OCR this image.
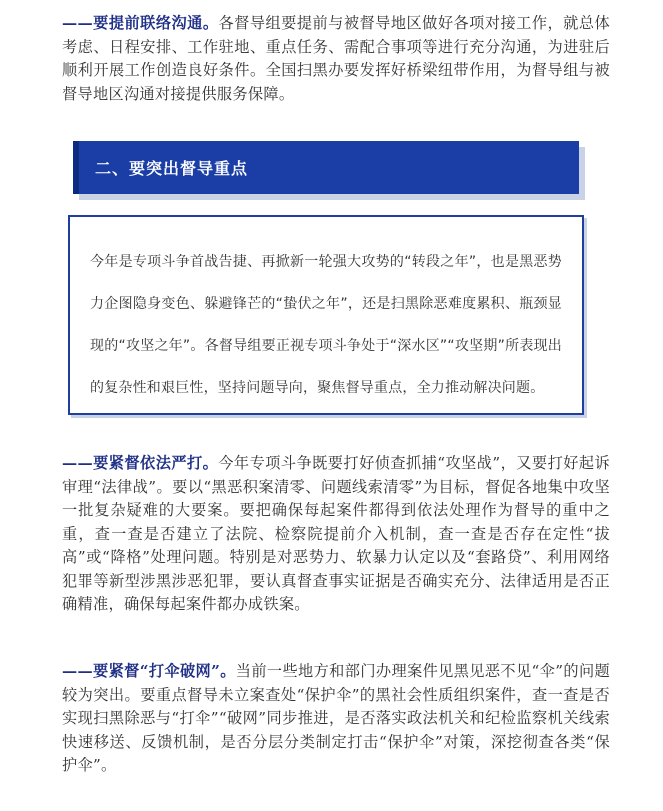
——要提前联络沟通。各督导组要提前与被督导地区做好各项对接工作，就总体考虑、日程安排、工作驻地、重点任务、需配合事项等进行充分沟通，为进驻后顺利开展工作创造良好条件。全国扫黑办要发挥好桥梁纽带作用，为督导组与被督导地区沟通对接提供服务保障。

二、要突出督导重点

今年是专项斗争首战告捷、再掀新一轮强大攻势的“转段之年”，也是黑恶势力企图隐身变色、躲避锋芒的“蛰伏之年”，还是扫黑除恶难度累积、瓶颈显现的“攻坚之年”。各督导组要正视专项斗争处于“深水区”“攻坚期”所表现出的复杂性和艰巨性，坚持问题导向，聚焦督导重点，全力推动解决问题。

——要紧督依法严打。今年专项斗争既要打好侦查抓捕“攻坚战”，又要打好起诉审理“法律战”。要以“黑恶积案清零、问题线索清零”为目标，督促各地集中攻坚一批复杂疑难的大要案。要把确保每起案件都得到依法处理作为督导的重中之重，查一查是否建立了法院、检察院提前介入机制，查一查是否存在定性“拔高”或“降格”处理问题。特别是对恶势力、软暴力认定以及“套路贷”、利用网络犯罪等新型涉黑涉恶犯罪，要认真督查事实证据是否确实充分、法律适用是否正确精准，确保每起案件都办成铁案。

——要紧督“打伞破网”。当前一些地方和部门办理案件见黑见恶不见“伞”的问题较为突出。要重点督导未立案查处“保护伞”的黑社会性质组织案件，查一查是否实现扫黑除恶与“打伞”“破网”同步推进，是否落实政法机关和纪检监察机关线索快速移送、反馈机制，是否分层分类制定打击“保护伞”对策，深挖彻查各类“保护伞”。
